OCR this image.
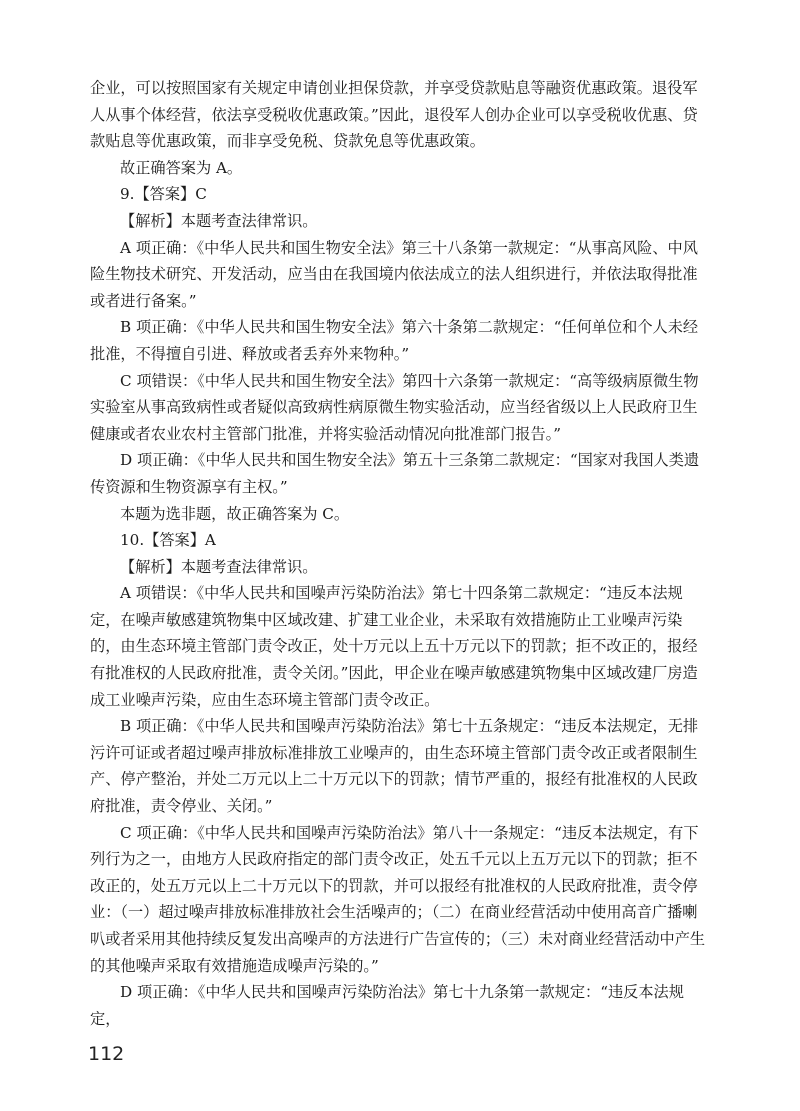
企业，可以按照国家有关规定申请创业担保贷款，并享受贷款贴息等融资优惠政策。退役军人从事个体经营，依法享受税收优惠政策。”因此，退役军人创办企业可以享受税收优惠、贷款贴息等优惠政策，而非享受免税、贷款免息等优惠政策。

故正确答案为 A。

9.【答案】C

【解析】本题考查法律常识。

A 项正确：《中华人民共和国生物安全法》第三十八条第一款规定：“从事高风险、中风险生物技术研究、开发活动，应当由在我国境内依法成立的法人组织进行，并依法取得批准或者进行备案。”

B 项正确：《中华人民共和国生物安全法》第六十条第二款规定：“任何单位和个人未经批准，不得擅自引进、释放或者丢弃外来物种。”

C 项错误：《中华人民共和国生物安全法》第四十六条第一款规定：“高等级病原微生物实验室从事高致病性或者疑似高致病性病原微生物实验活动，应当经省级以上人民政府卫生健康或者农业农村主管部门批准，并将实验活动情况向批准部门报告。”

D 项正确：《中华人民共和国生物安全法》第五十三条第二款规定：“国家对我国人类遗传资源和生物资源享有主权。”

本题为选非题，故正确答案为 C。

10.【答案】A

【解析】本题考查法律常识。

A 项错误：《中华人民共和国噪声污染防治法》第七十四条第二款规定：“违反本法规定，在噪声敏感建筑物集中区域改建、扩建工业企业，未采取有效措施防止工业噪声污染的，由生态环境主管部门责令改正，处十万元以上五十万元以下的罚款；拒不改正的，报经有批准权的人民政府批准，责令关闭。”因此，甲企业在噪声敏感建筑物集中区域改建厂房造成工业噪声污染，应由生态环境主管部门责令改正。

B 项正确：《中华人民共和国噪声污染防治法》第七十五条规定：“违反本法规定，无排污许可证或者超过噪声排放标准排放工业噪声的，由生态环境主管部门责令改正或者限制生产、停产整治，并处二万元以上二十万元以下的罚款；情节严重的，报经有批准权的人民政府批准，责令停业、关闭。”

C 项正确：《中华人民共和国噪声污染防治法》第八十一条规定：“违反本法规定，有下列行为之一，由地方人民政府指定的部门责令改正，处五千元以上五万元以下的罚款；拒不改正的，处五万元以上二十万元以下的罚款，并可以报经有批准权的人民政府批准，责令停业：（一）超过噪声排放标准排放社会生活噪声的；（二）在商业经营活动中使用高音广播喇叭或者采用其他持续反复发出高噪声的方法进行广告宣传的；（三）未对商业经营活动中产生的其他噪声采取有效措施造成噪声污染的。”

D 项正确：《中华人民共和国噪声污染防治法》第七十九条第一款规定：“违反本法规定，

112
